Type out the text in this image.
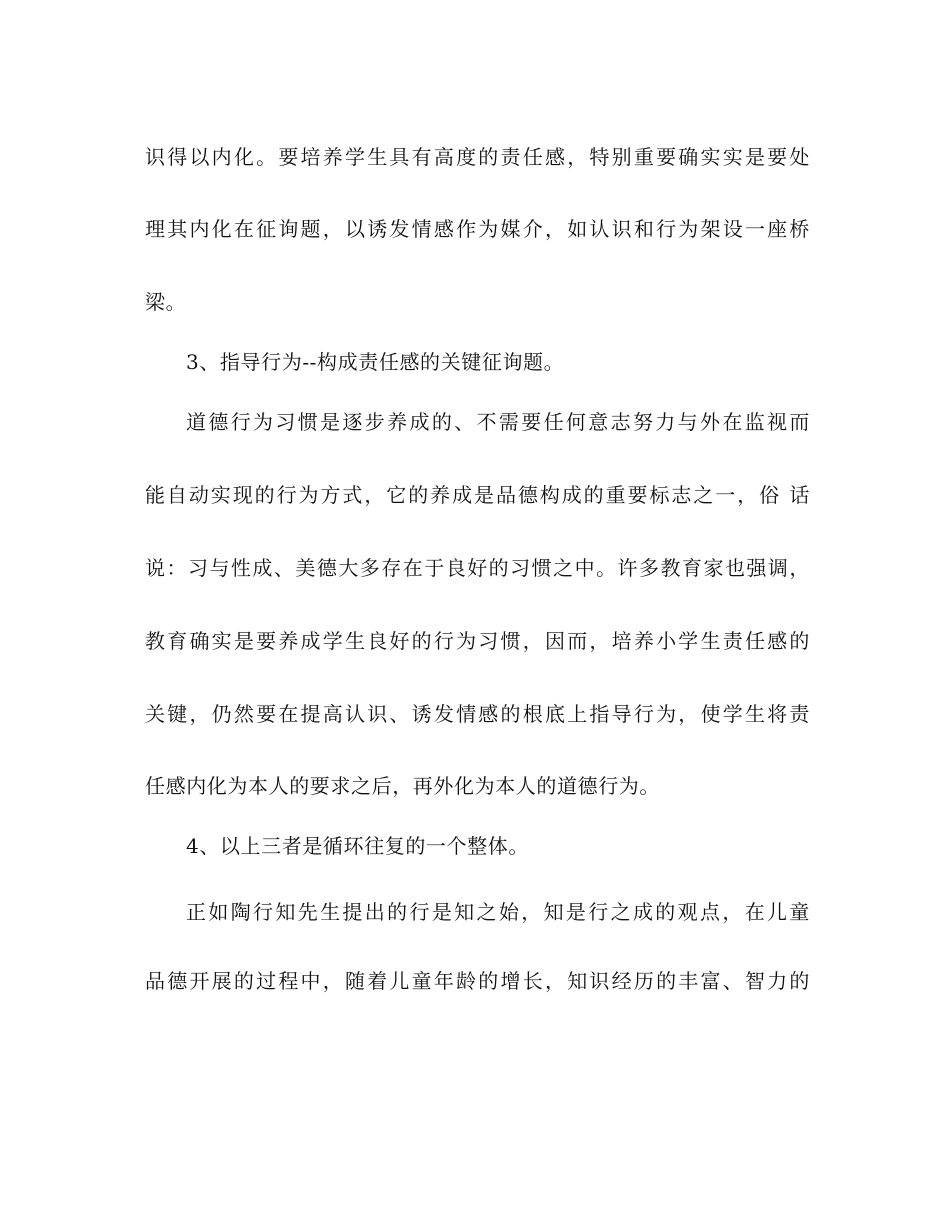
识得以内化。要培养学生具有高度的责任感，特别重要确实实是要处
理其内化在征询题，以诱发情感作为媒介，如认识和行为架设一座桥
梁。
3、指导行为--构成责任感的关键征询题。
道德行为习惯是逐步养成的、不需要任何意志努力与外在监视而
能自动实现的行为方式，它的养成是品德构成的重要标志之一，俗 话
说：习与性成、美德大多存在于良好的习惯之中。许多教育家也强调，
教育确实是要养成学生良好的行为习惯，因而，培养小学生责任感的
关键，仍然要在提高认识、诱发情感的根底上指导行为，使学生将责
任感内化为本人的要求之后，再外化为本人的道德行为。
4、以上三者是循环往复的一个整体。
正如陶行知先生提出的行是知之始，知是行之成的观点，在儿童
品德开展的过程中，随着儿童年龄的增长，知识经历的丰富、智力的
